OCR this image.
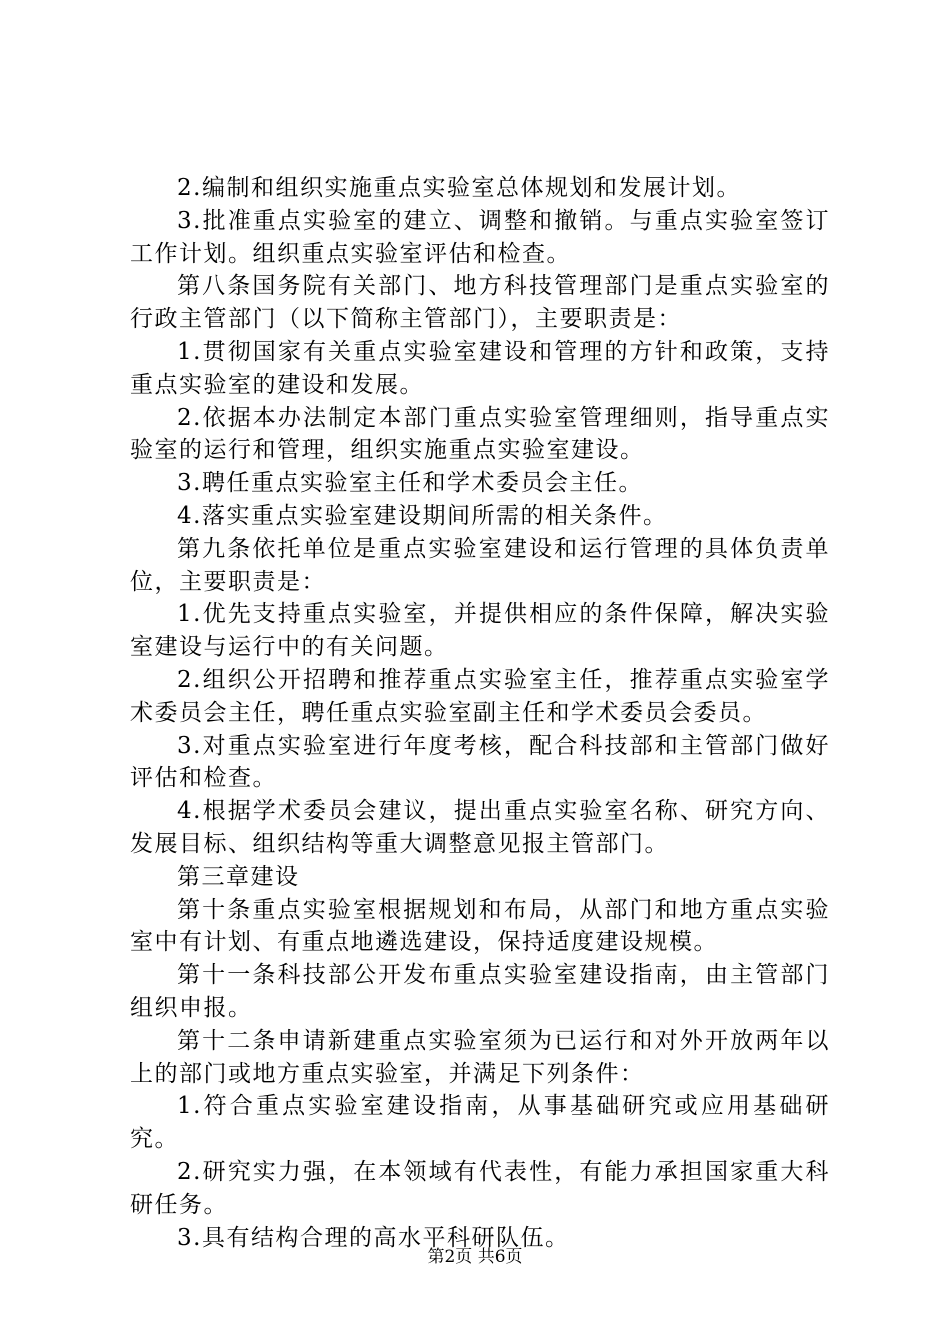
2.编制和组织实施重点实验室总体规划和发展计划。

3.批准重点实验室的建立、调整和撤销。与重点实验室签订工作计划。组织重点实验室评估和检查。

第八条国务院有关部门、地方科技管理部门是重点实验室的行政主管部门（以下简称主管部门），主要职责是：

1.贯彻国家有关重点实验室建设和管理的方针和政策，支持重点实验室的建设和发展。

2.依据本办法制定本部门重点实验室管理细则，指导重点实验室的运行和管理，组织实施重点实验室建设。

3.聘任重点实验室主任和学术委员会主任。

4.落实重点实验室建设期间所需的相关条件。

第九条依托单位是重点实验室建设和运行管理的具体负责单位，主要职责是：

1.优先支持重点实验室，并提供相应的条件保障，解决实验室建设与运行中的有关问题。

2.组织公开招聘和推荐重点实验室主任，推荐重点实验室学术委员会主任，聘任重点实验室副主任和学术委员会委员。

3.对重点实验室进行年度考核，配合科技部和主管部门做好评估和检查。

4.根据学术委员会建议，提出重点实验室名称、研究方向、发展目标、组织结构等重大调整意见报主管部门。

第三章建设

第十条重点实验室根据规划和布局，从部门和地方重点实验室中有计划、有重点地遴选建设，保持适度建设规模。

第十一条科技部公开发布重点实验室建设指南，由主管部门组织申报。

第十二条申请新建重点实验室须为已运行和对外开放两年以上的部门或地方重点实验室，并满足下列条件：

1.符合重点实验室建设指南，从事基础研究或应用基础研究。

2.研究实力强，在本领域有代表性，有能力承担国家重大科研任务。

3.具有结构合理的高水平科研队伍。

第2页 共6页
